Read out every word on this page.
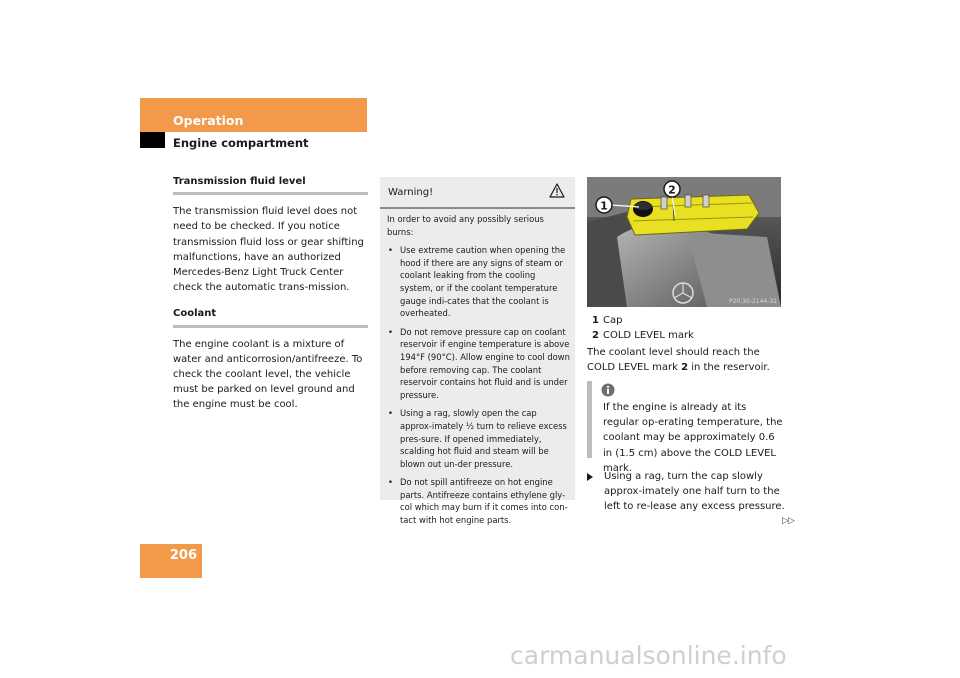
Operation
Engine compartment
Transmission fluid level

The transmission fluid level does not need to be checked. If you notice transmission fluid loss or gear shifting malfunctions, have an authorized Mercedes-Benz Light Truck Center check the automatic trans-mission.

Coolant

The engine coolant is a mixture of water and anticorrosion/antifreeze. To check the coolant level, the vehicle must be parked on level ground and the engine must be cool.

Warning!

In order to avoid any possibly serious burns:

• Use extreme caution when opening the hood if there are any signs of steam or coolant leaking from the cooling system, or if the coolant temperature gauge indi-cates that the coolant is overheated.
• Do not remove pressure cap on coolant reservoir if engine temperature is above 194°F (90°C). Allow engine to cool down before removing cap. The coolant reservoir contains hot fluid and is under pressure.
• Using a rag, slowly open the cap approx-imately ½ turn to relieve excess pres-sure. If opened immediately, scalding hot fluid and steam will be blown out un-der pressure.
• Do not spill antifreeze on hot engine parts. Antifreeze contains ethylene gly-col which may burn if it comes into con-tact with hot engine parts.
1
2
P20.30-2144-31
1 Cap
2 COLD LEVEL mark
The coolant level should reach the COLD LEVEL mark 2 in the reservoir.
If the engine is already at its regular op-erating temperature, the coolant may be approximately 0.6 in (1.5 cm) above the COLD LEVEL mark.
Using a rag, turn the cap slowly approx-imately one half turn to the left to re-lease any excess pressure.
▷▷
206
carmanualsonline.info
